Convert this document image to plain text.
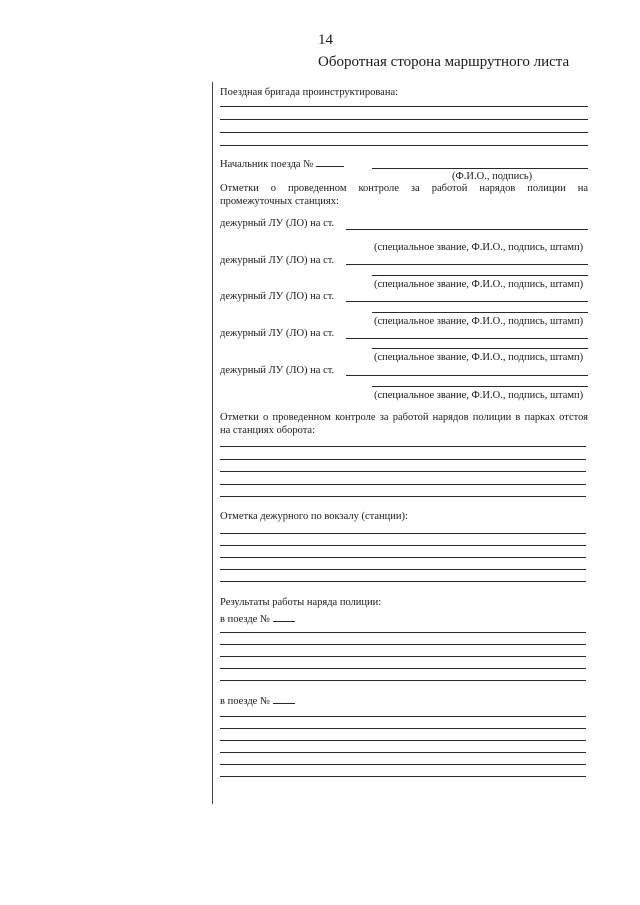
14
Оборотная сторона маршрутного листа
Поездная бригада проинструктирована:
Начальник поезда №
(Ф.И.О., подпись)
Отметки о проведенном контроле за работой нарядов полиции на
промежуточных станциях:
дежурный ЛУ (ЛО) на ст.
(специальное звание, Ф.И.О., подпись, штамп)
дежурный ЛУ (ЛО) на ст.
(специальное звание, Ф.И.О., подпись, штамп)
дежурный ЛУ (ЛО) на ст.
(специальное звание, Ф.И.О., подпись, штамп)
дежурный ЛУ (ЛО) на ст.
(специальное звание, Ф.И.О., подпись, штамп)
дежурный ЛУ (ЛО) на ст.
(специальное звание, Ф.И.О., подпись, штамп)
Отметки о проведенном контроле за работой нарядов полиции в парках отстоя
на станциях оборота:
Отметка дежурного по вокзалу (станции):
Результаты работы наряда полиции:
в поезде №
в поезде №
